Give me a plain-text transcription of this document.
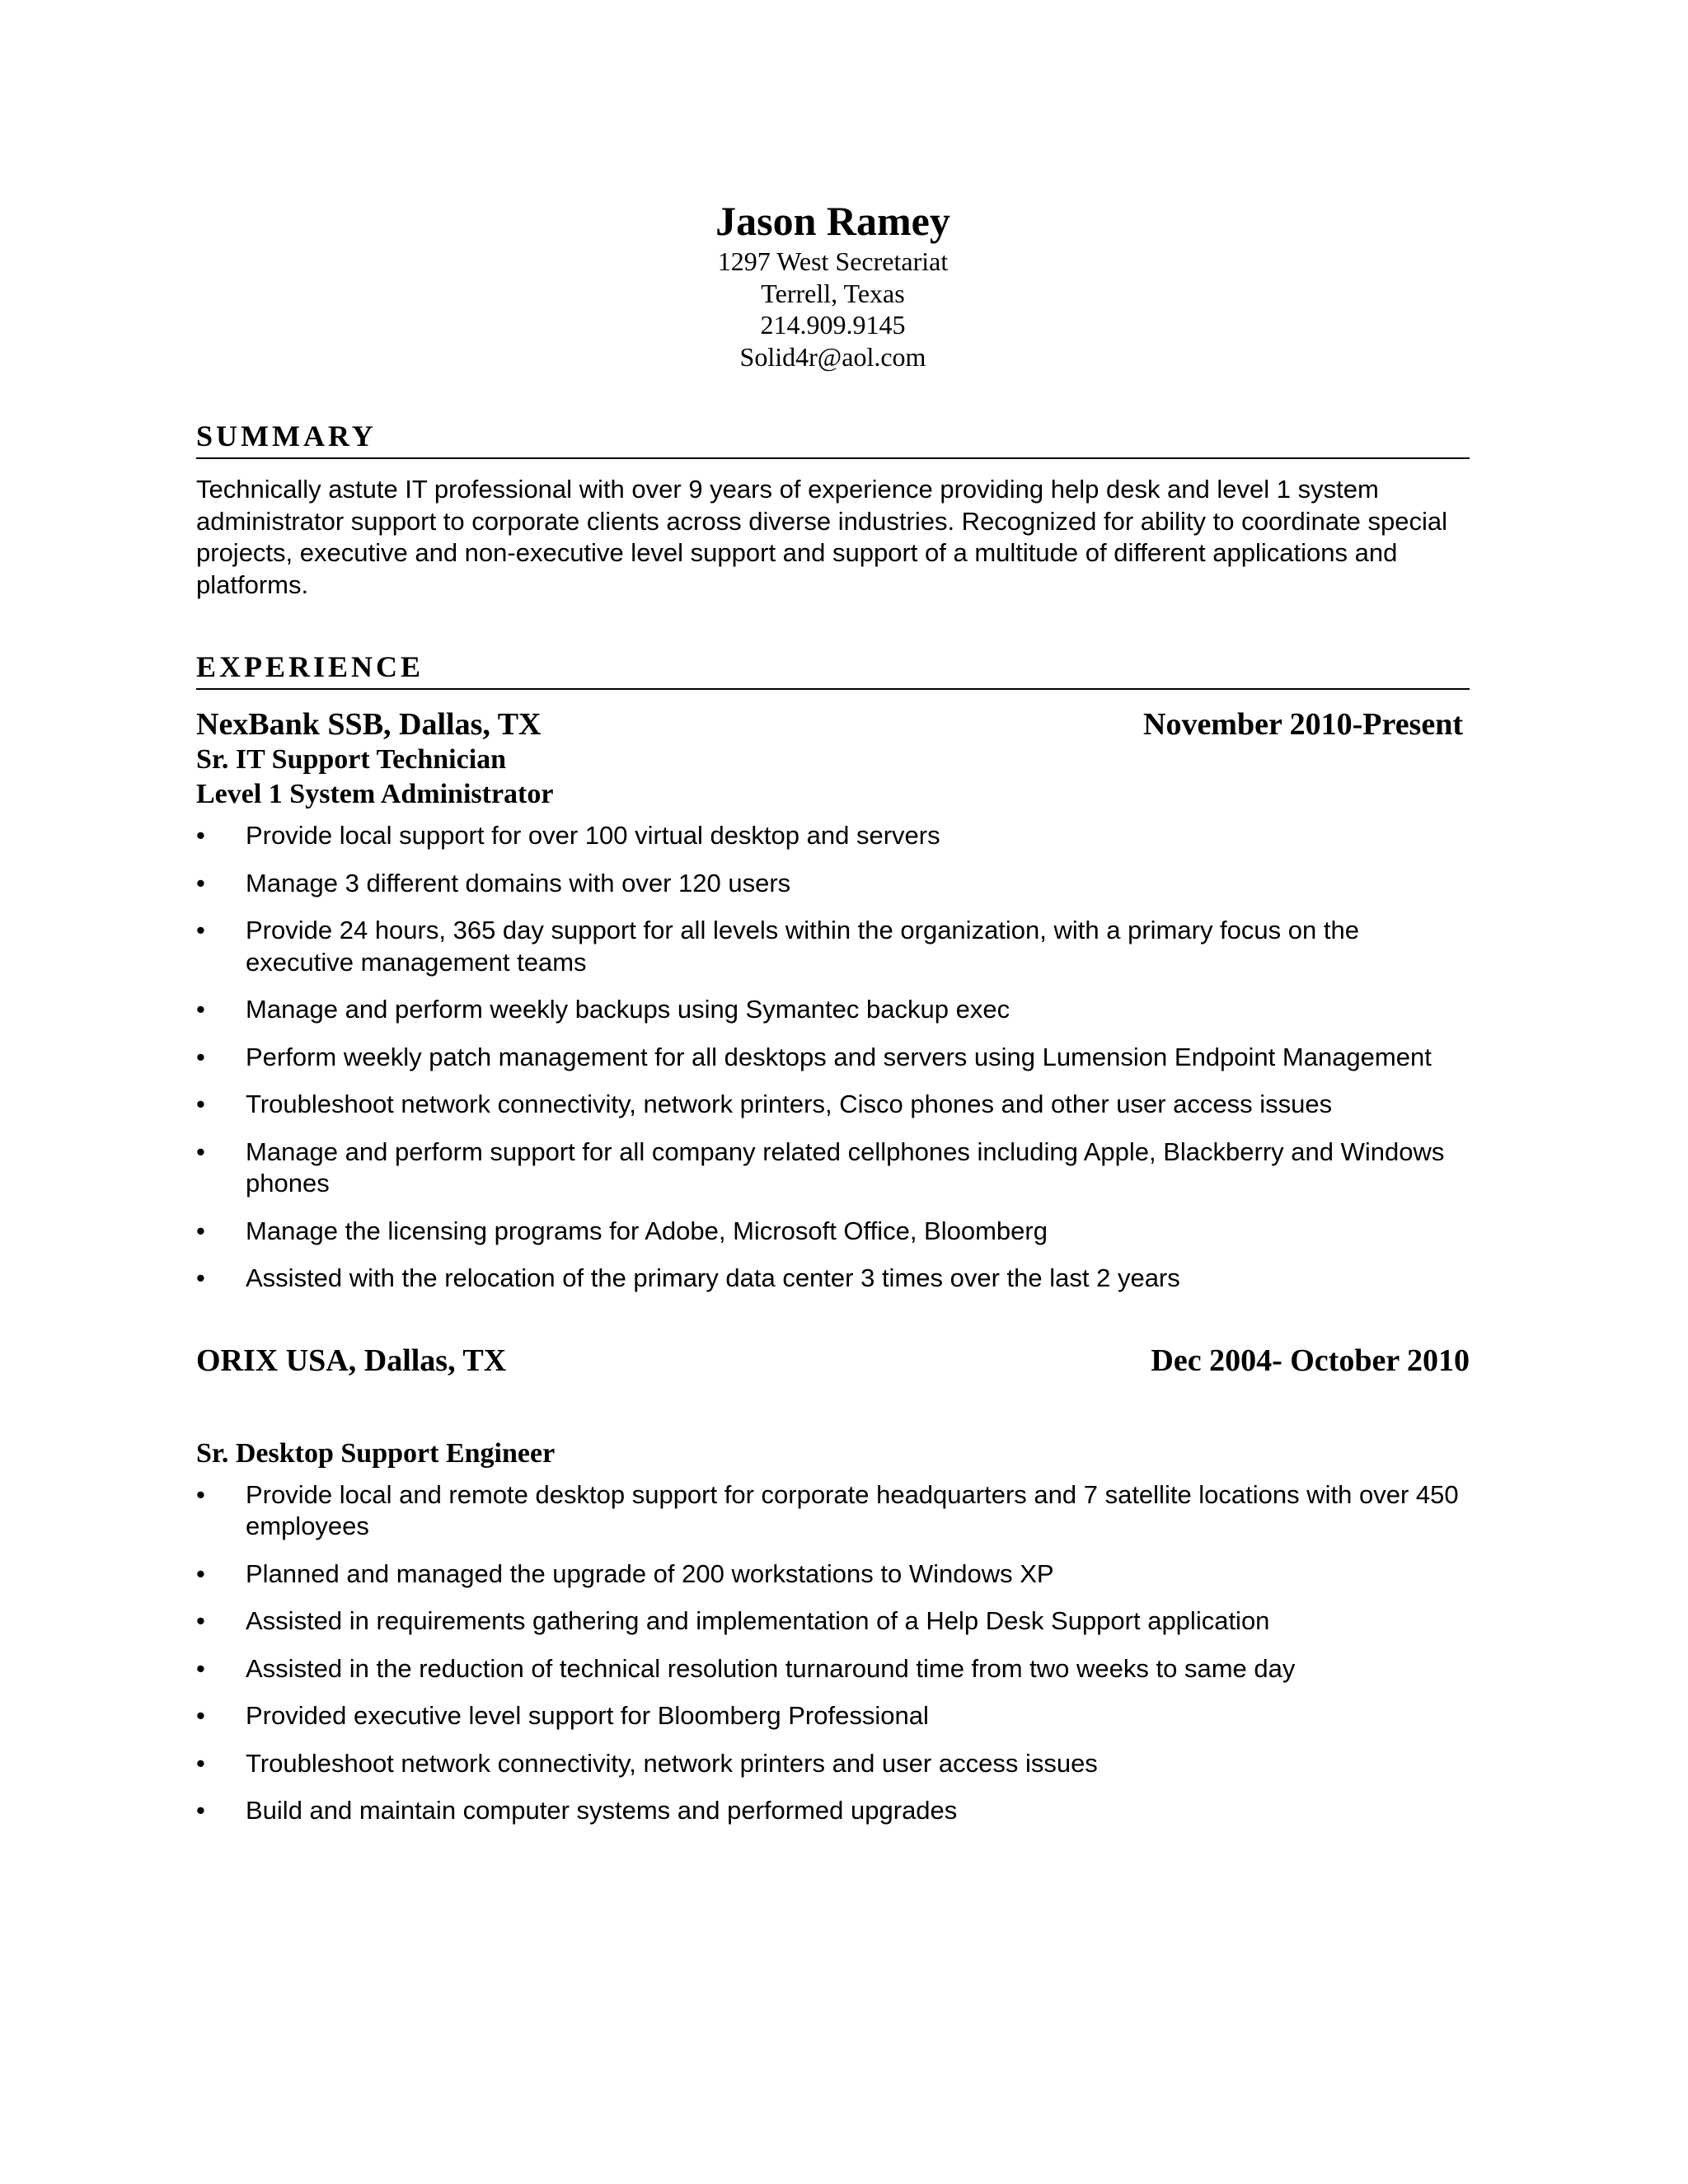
Jason Ramey
1297 West Secretariat
Terrell, Texas
214.909.9145
Solid4r@aol.com
SUMMARY
Technically astute IT professional with over 9 years of experience providing help desk and level 1 system administrator support to corporate clients across diverse industries. Recognized for ability to coordinate special projects, executive and non-executive level support and support of a multitude of different applications and platforms.
EXPERIENCE
NexBank SSB, Dallas, TX	November 2010-Present
Sr. IT Support Technician
Level 1 System Administrator
•	Provide local support for over 100 virtual desktop and servers
•	Manage 3 different domains with over 120 users
•	Provide 24 hours, 365 day support for all levels within the organization, with a primary focus on the executive management teams
•	Manage and perform weekly backups using Symantec backup exec
•	Perform weekly patch management for all desktops and servers using Lumension Endpoint Management
•	Troubleshoot network connectivity, network printers, Cisco phones and other user access issues
•	Manage and perform support for all company related cellphones including Apple, Blackberry and Windows phones
•	Manage the licensing programs for Adobe, Microsoft Office, Bloomberg
•	Assisted with the relocation of the primary data center 3 times over the last 2 years
ORIX USA, Dallas, TX	Dec 2004- October 2010
Sr. Desktop Support Engineer
•	Provide local and remote desktop support for corporate headquarters and 7 satellite locations with over 450 employees
•	Planned and managed the upgrade of 200 workstations to Windows XP
•	Assisted in requirements gathering and implementation of a Help Desk Support application
•	Assisted in the reduction of technical resolution turnaround time from two weeks to same day
•	Provided executive level support for Bloomberg Professional
•	Troubleshoot network connectivity, network printers and user access issues
•	Build and maintain computer systems and performed upgrades
